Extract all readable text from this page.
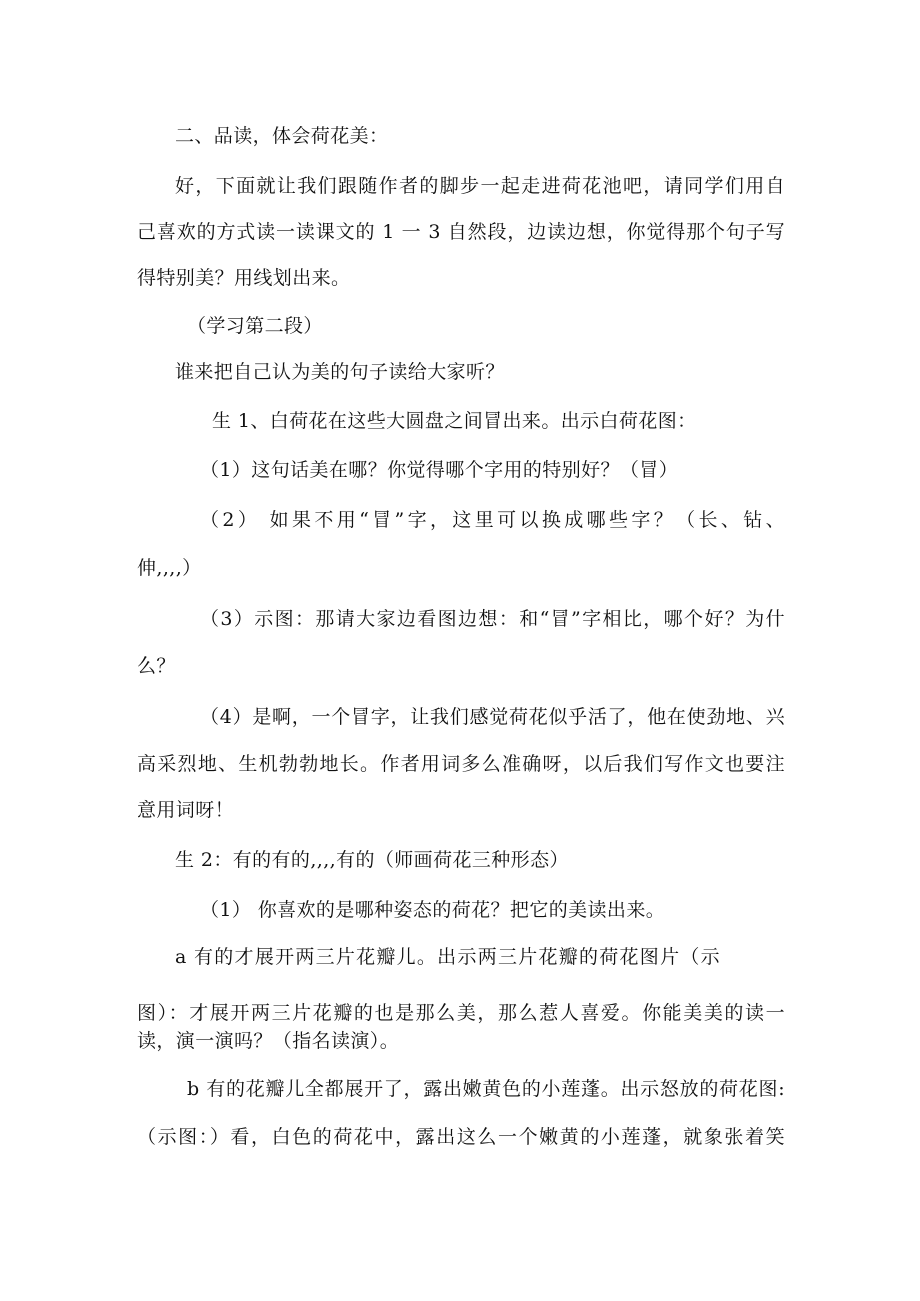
二、品读，体会荷花美：
好，下面就让我们跟随作者的脚步一起走进荷花池吧，请同学们用自
己喜欢的方式读一读课文的 1 一 3 自然段，边读边想，你觉得那个句子写
得特别美？用线划出来。
（学习第二段）
谁来把自己认为美的句子读给大家听？
生 1、白荷花在这些大圆盘之间冒出来。出示白荷花图：
（1）这句话美在哪？你觉得哪个字用的特别好？（冒）
（2） 如果不用“冒”字，这里可以换成哪些字？（长、钻、
伸,,,,）
（3）示图：那请大家边看图边想：和“冒”字相比，哪个好？为什
么？
（4）是啊，一个冒字，让我们感觉荷花似乎活了，他在使劲地、兴
高采烈地、生机勃勃地长。作者用词多么准确呀，以后我们写作文也要注
意用词呀！
生 2：有的有的,,,,有的（师画荷花三种形态）
（1） 你喜欢的是哪种姿态的荷花？把它的美读出来。
a 有的才展开两三片花瓣儿。出示两三片花瓣的荷花图片（示
图）：才展开两三片花瓣的也是那么美，那么惹人喜爱。你能美美的读一
读，演一演吗？（指名读演）。
b 有的花瓣儿全都展开了，露出嫩黄色的小莲蓬。出示怒放的荷花图:
（示图：）看，白色的荷花中，露出这么一个嫩黄的小莲蓬，就象张着笑
